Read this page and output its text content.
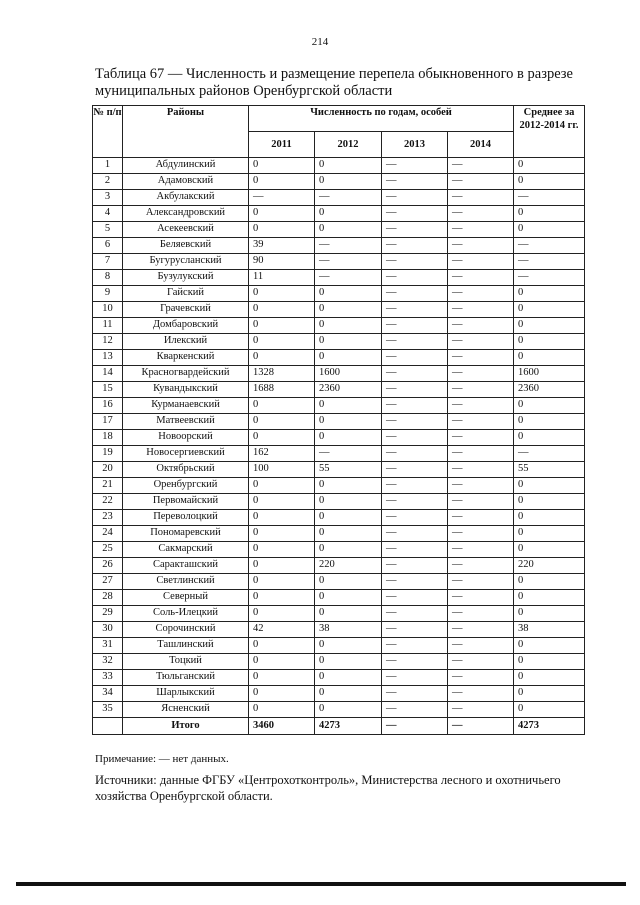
214
Таблица 67 — Численность и размещение перепела обыкновенного в разрезе муниципальных районов Оренбургской области
№ п/п	Районы	Численность по годам, особей				Среднее за 2012-2014 гг.
		2011	2012	2013	2014	
1	Абдулинский	0	0	—	—	0
2	Адамовский	0	0	—	—	0
3	Акбулакский	—	—	—	—	—
4	Александровский	0	0	—	—	0
5	Асекеевский	0	0	—	—	0
6	Беляевский	39	—	—	—	—
7	Бугурусланский	90	—	—	—	—
8	Бузулукский	11	—	—	—	—
9	Гайский	0	0	—	—	0
10	Грачевский	0	0	—	—	0
11	Домбаровский	0	0	—	—	0
12	Илекский	0	0	—	—	0
13	Кваркенский	0	0	—	—	0
14	Красногвардейский	1328	1600	—	—	1600
15	Кувандыкский	1688	2360	—	—	2360
16	Курманаевский	0	0	—	—	0
17	Матвеевский	0	0	—	—	0
18	Новоорский	0	0	—	—	0
19	Новосергиевский	162	—	—	—	—
20	Октябрьский	100	55	—	—	55
21	Оренбургский	0	0	—	—	0
22	Первомайский	0	0	—	—	0
23	Переволоцкий	0	0	—	—	0
24	Пономаревский	0	0	—	—	0
25	Сакмарский	0	0	—	—	0
26	Саракташский	0	220	—	—	220
27	Светлинский	0	0	—	—	0
28	Северный	0	0	—	—	0
29	Соль-Илецкий	0	0	—	—	0
30	Сорочинский	42	38	—	—	38
31	Ташлинский	0	0	—	—	0
32	Тоцкий	0	0	—	—	0
33	Тюльганский	0	0	—	—	0
34	Шарлыкский	0	0	—	—	0
35	Ясненский	0	0	—	—	0
	Итого	3460	4273	—	—	4273
Примечание: — нет данных.
Источники: данные ФГБУ «Центрохотконтроль», Министерства лесного и охотничьего хозяйства Оренбургской области.
